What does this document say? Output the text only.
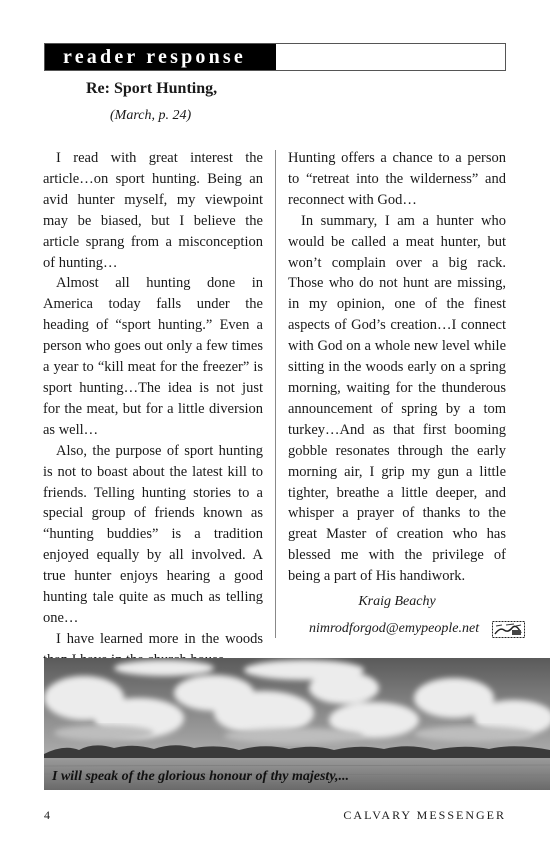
reader response
Re: Sport Hunting,
(March, p. 24)

I read with great interest the article…on sport hunting. Being an avid hunter myself, my viewpoint may be biased, but I believe the article sprang from a misconception of hunting…

Almost all hunting done in America today falls under the heading of “sport hunting.” Even a person who goes out only a few times a year to “kill meat for the freezer” is sport hunting…The idea is not just for the meat, but for a little diversion as well…

Also, the purpose of sport hunting is not to boast about the latest kill to friends. Telling hunting stories to a special group of friends known as “hunting buddies” is a tradition enjoyed equally by all involved. A true hunter enjoys hearing a good hunting tale quite as much as telling one…

I have learned more in the woods

Hunting offers a chance to a person to “retreat into the wilderness” and reconnect with God…

In summary, I am a hunter who would be called a meat hunter, but won’t complain over a big rack. Those who do not hunt are missing, in my opinion, one of the finest aspects of God’s creation…I connect with God on a whole new level while sitting in the woods early on a spring morning, waiting for the thunderous announcement of spring by a tom turkey…And as that first booming gobble resonates through the early morning air, I grip my gun a little tighter, breathe a little deeper, and whisper a prayer of thanks to the great Master of creation who has blessed me with the privilege of being a part of His handiwork.

Kraig Beachy
nimrodforgod@emypeople.net
I will speak of the glorious honour of thy majesty,...
4	CALVARY MESSENGER
